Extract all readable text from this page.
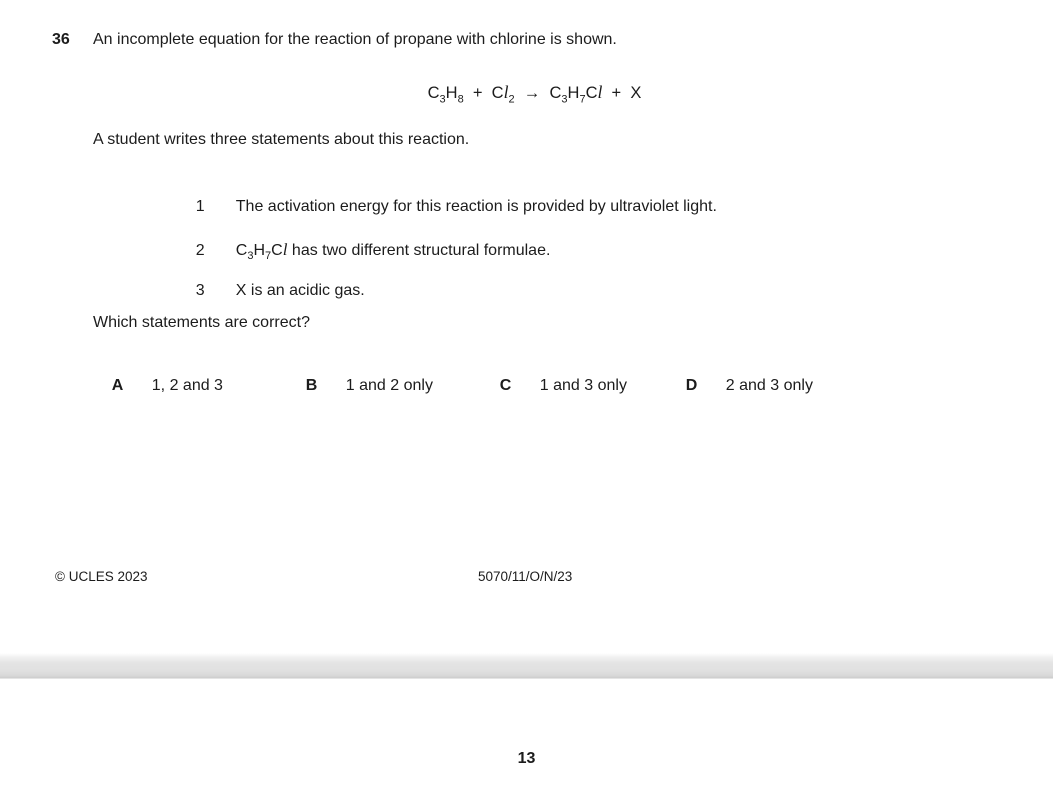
36 An incomplete equation for the reaction of propane with chlorine is shown.
$C_3H_8 + Cl_2 \to C_3H_7Cl + X$
A student writes three statements about this reaction.

1 The activation energy for this reaction is provided by ultraviolet light.

2 $C_3H_7Cl$ has two different structural formulae.

3 X is an acidic gas.

Which statements are correct?

A 1, 2 and 3
	B 1 and 2 only
	C 1 and 3 only
	D 2 and 3 only

© UCLES 2023	5070/11/O/N/23
13
